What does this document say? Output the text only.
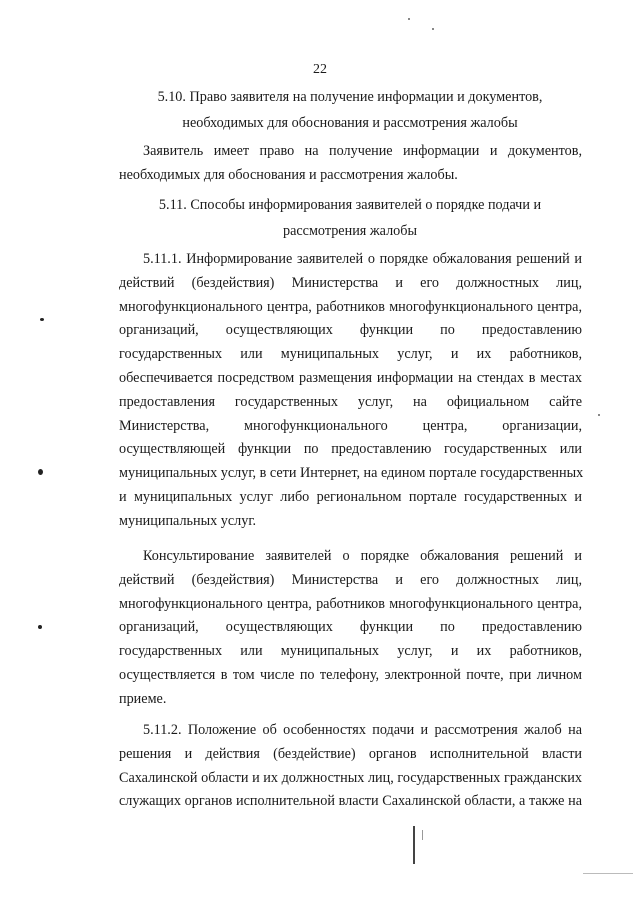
22
5.10. Право заявителя на получение информации и документов,
необходимых для обоснования и рассмотрения жалобы
Заявитель имеет право на получение информации и документов,
необходимых для обоснования и рассмотрения жалобы.
5.11. Способы информирования заявителей о порядке подачи и
рассмотрения жалобы
5.11.1. Информирование заявителей о порядке обжалования решений и
действий (бездействия) Министерства и его должностных лиц,
многофункционального центра, работников многофункционального центра,
организаций, осуществляющих функции по предоставлению
государственных или муниципальных услуг, и их работников,
обеспечивается посредством размещения информации на стендах в местах
предоставления государственных услуг, на официальном сайте
Министерства, многофункционального центра, организации,
осуществляющей функции по предоставлению государственных или
муниципальных услуг, в сети Интернет, на едином портале государственных
и муниципальных услуг либо региональном портале государственных и
муниципальных услуг.
Консультирование заявителей о порядке обжалования решений и
действий (бездействия) Министерства и его должностных лиц,
многофункционального центра, работников многофункционального центра,
организаций, осуществляющих функции по предоставлению
государственных или муниципальных услуг, и их работников,
осуществляется в том числе по телефону, электронной почте, при личном
приеме.
5.11.2. Положение об особенностях подачи и рассмотрения жалоб на
решения и действия (бездействие) органов исполнительной власти
Сахалинской области и их должностных лиц, государственных гражданских
служащих органов исполнительной власти Сахалинской области, а также на
